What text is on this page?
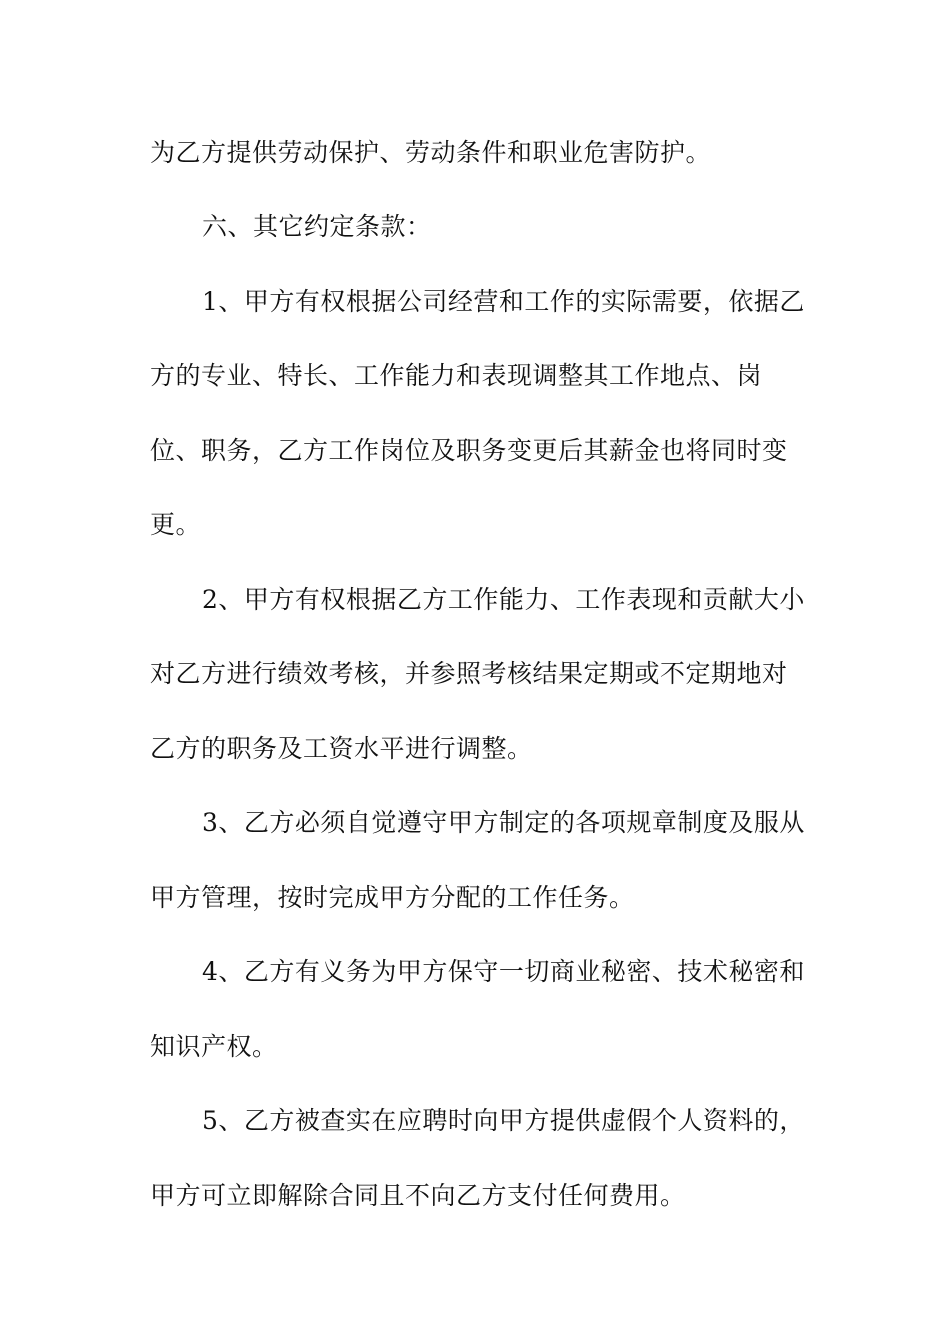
为乙方提供劳动保护、劳动条件和职业危害防护。

六、其它约定条款：

1、甲方有权根据公司经营和工作的实际需要，依据乙

方的专业、特长、工作能力和表现调整其工作地点、岗

位、职务，乙方工作岗位及职务变更后其薪金也将同时变

更。

2、甲方有权根据乙方工作能力、工作表现和贡献大小

对乙方进行绩效考核，并参照考核结果定期或不定期地对

乙方的职务及工资水平进行调整。

3、乙方必须自觉遵守甲方制定的各项规章制度及服从

甲方管理，按时完成甲方分配的工作任务。

4、乙方有义务为甲方保守一切商业秘密、技术秘密和

知识产权。

5、乙方被查实在应聘时向甲方提供虚假个人资料的，

甲方可立即解除合同且不向乙方支付任何费用。
